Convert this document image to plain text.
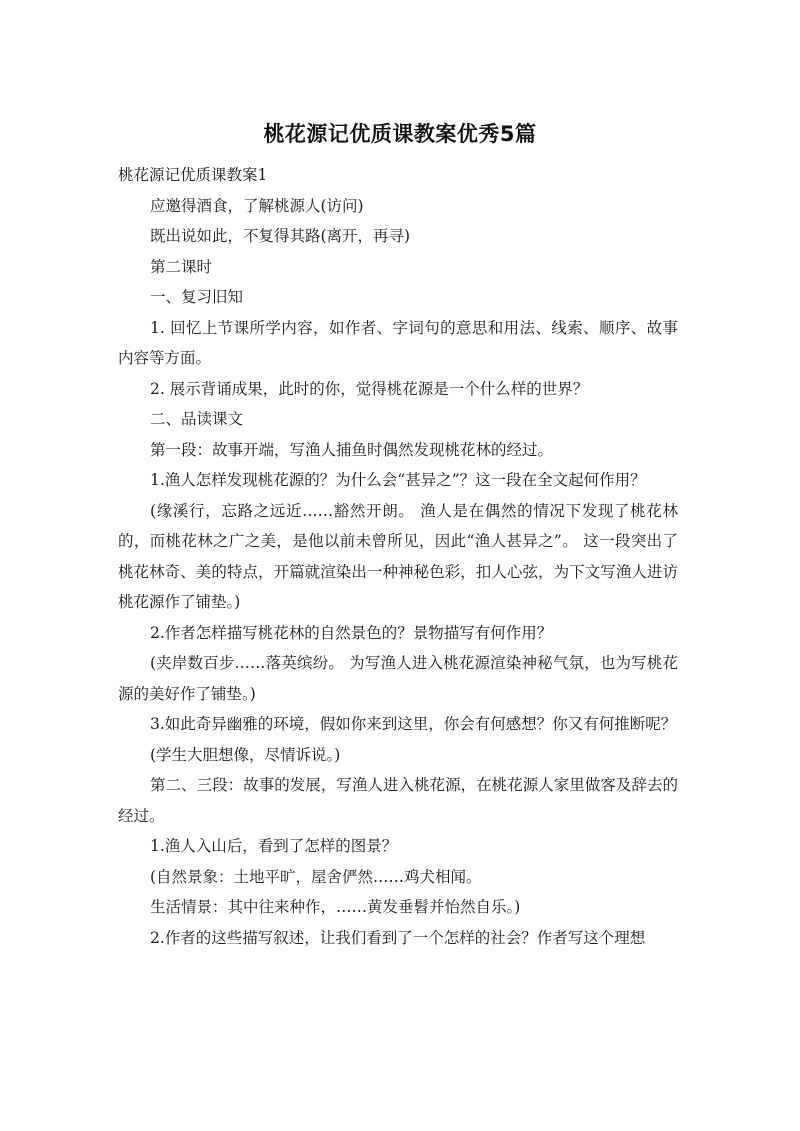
桃花源记优质课教案优秀5篇

桃花源记优质课教案1

应邀得酒食，了解桃源人(访问)

既出说如此，不复得其路(离开，再寻)

第二课时

一、复习旧知

1. 回忆上节课所学内容，如作者、字词句的意思和用法、线索、顺序、故事内容等方面。

2. 展示背诵成果，此时的你，觉得桃花源是一个什么样的世界？

二、品读课文

第一段：故事开端，写渔人捕鱼时偶然发现桃花林的经过。

1.渔人怎样发现桃花源的？为什么会“甚异之”？这一段在全文起何作用？

(缘溪行，忘路之远近……豁然开朗。 渔人是在偶然的情况下发现了桃花林的，而桃花林之广之美，是他以前未曾所见，因此“渔人甚异之”。 这一段突出了桃花林奇、美的特点，开篇就渲染出一种神秘色彩，扣人心弦，为下文写渔人进访桃花源作了铺垫。)

2.作者怎样描写桃花林的自然景色的？景物描写有何作用？

(夹岸数百步……落英缤纷。 为写渔人进入桃花源渲染神秘气氛，也为写桃花源的美好作了铺垫。)

3.如此奇异幽雅的环境，假如你来到这里，你会有何感想？你又有何推断呢？

(学生大胆想像，尽情诉说。)

第二、三段：故事的发展，写渔人进入桃花源，在桃花源人家里做客及辞去的经过。

1.渔人入山后，看到了怎样的图景？

(自然景象：土地平旷，屋舍俨然……鸡犬相闻。

生活情景：其中往来种作，……黄发垂髫并怡然自乐。)

2.作者的这些描写叙述，让我们看到了一个怎样的社会？作者写这个理想
